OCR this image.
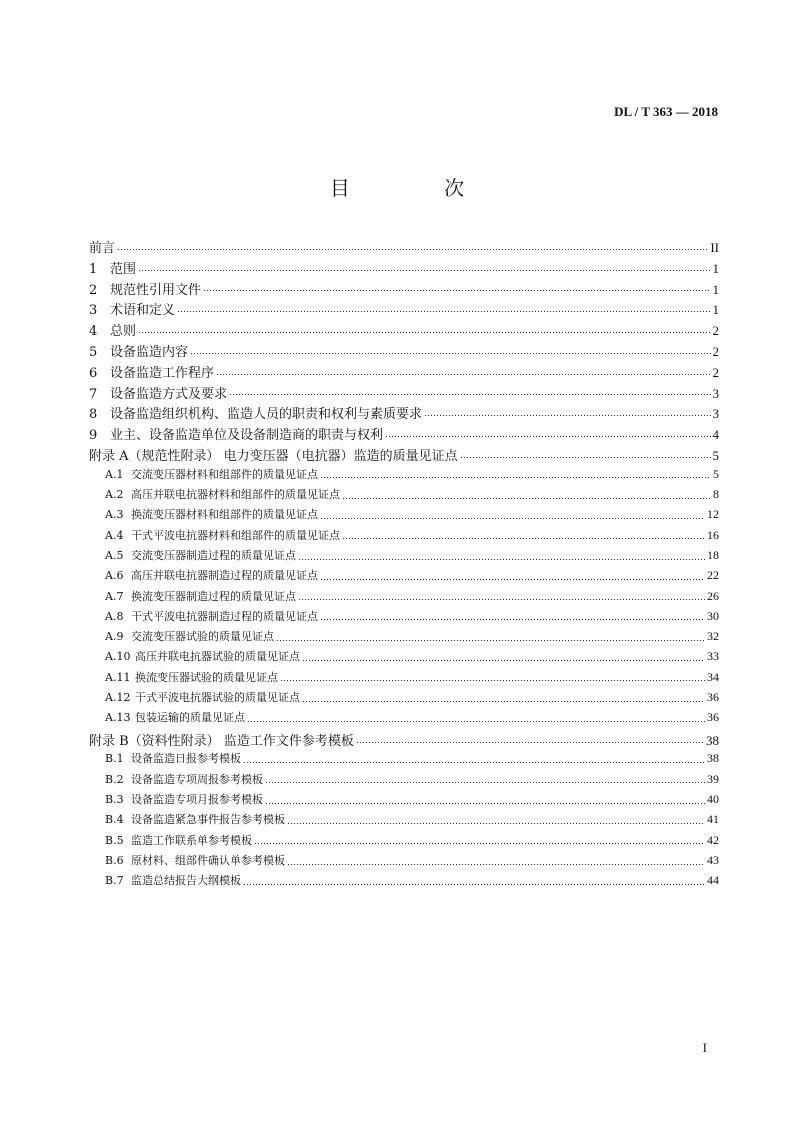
DL / T 363 — 2018
目 次
前言	II
1 范围	1
2 规范性引用文件	1
3 术语和定义	1
4 总则	2
5 设备监造内容	2
6 设备监造工作程序	2
7 设备监造方式及要求	3
8 设备监造组织机构、监造人员的职责和权利与素质要求	3
9 业主、设备监造单位及设备制造商的职责与权利	4
附录 A（规范性附录） 电力变压器（电抗器）监造的质量见证点	5
A.1 交流变压器材料和组部件的质量见证点	5
A.2 高压并联电抗器材料和组部件的质量见证点	8
A.3 换流变压器材料和组部件的质量见证点	12
A.4 干式平波电抗器材料和组部件的质量见证点	16
A.5 交流变压器制造过程的质量见证点	18
A.6 高压并联电抗器制造过程的质量见证点	22
A.7 换流变压器制造过程的质量见证点	26
A.8 干式平波电抗器制造过程的质量见证点	30
A.9 交流变压器试验的质量见证点	32
A.10 高压并联电抗器试验的质量见证点	33
A.11 换流变压器试验的质量见证点	34
A.12 干式平波电抗器试验的质量见证点	36
A.13 包装运输的质量见证点	36
附录 B（资料性附录） 监造工作文件参考模板	38
B.1 设备监造日报参考模板	38
B.2 设备监造专项周报参考模板	39
B.3 设备监造专项月报参考模板	40
B.4 设备监造紧急事件报告参考模板	41
B.5 监造工作联系单参考模板	42
B.6 原材料、组部件确认单参考模板	43
B.7 监造总结报告大纲模板	44
I
